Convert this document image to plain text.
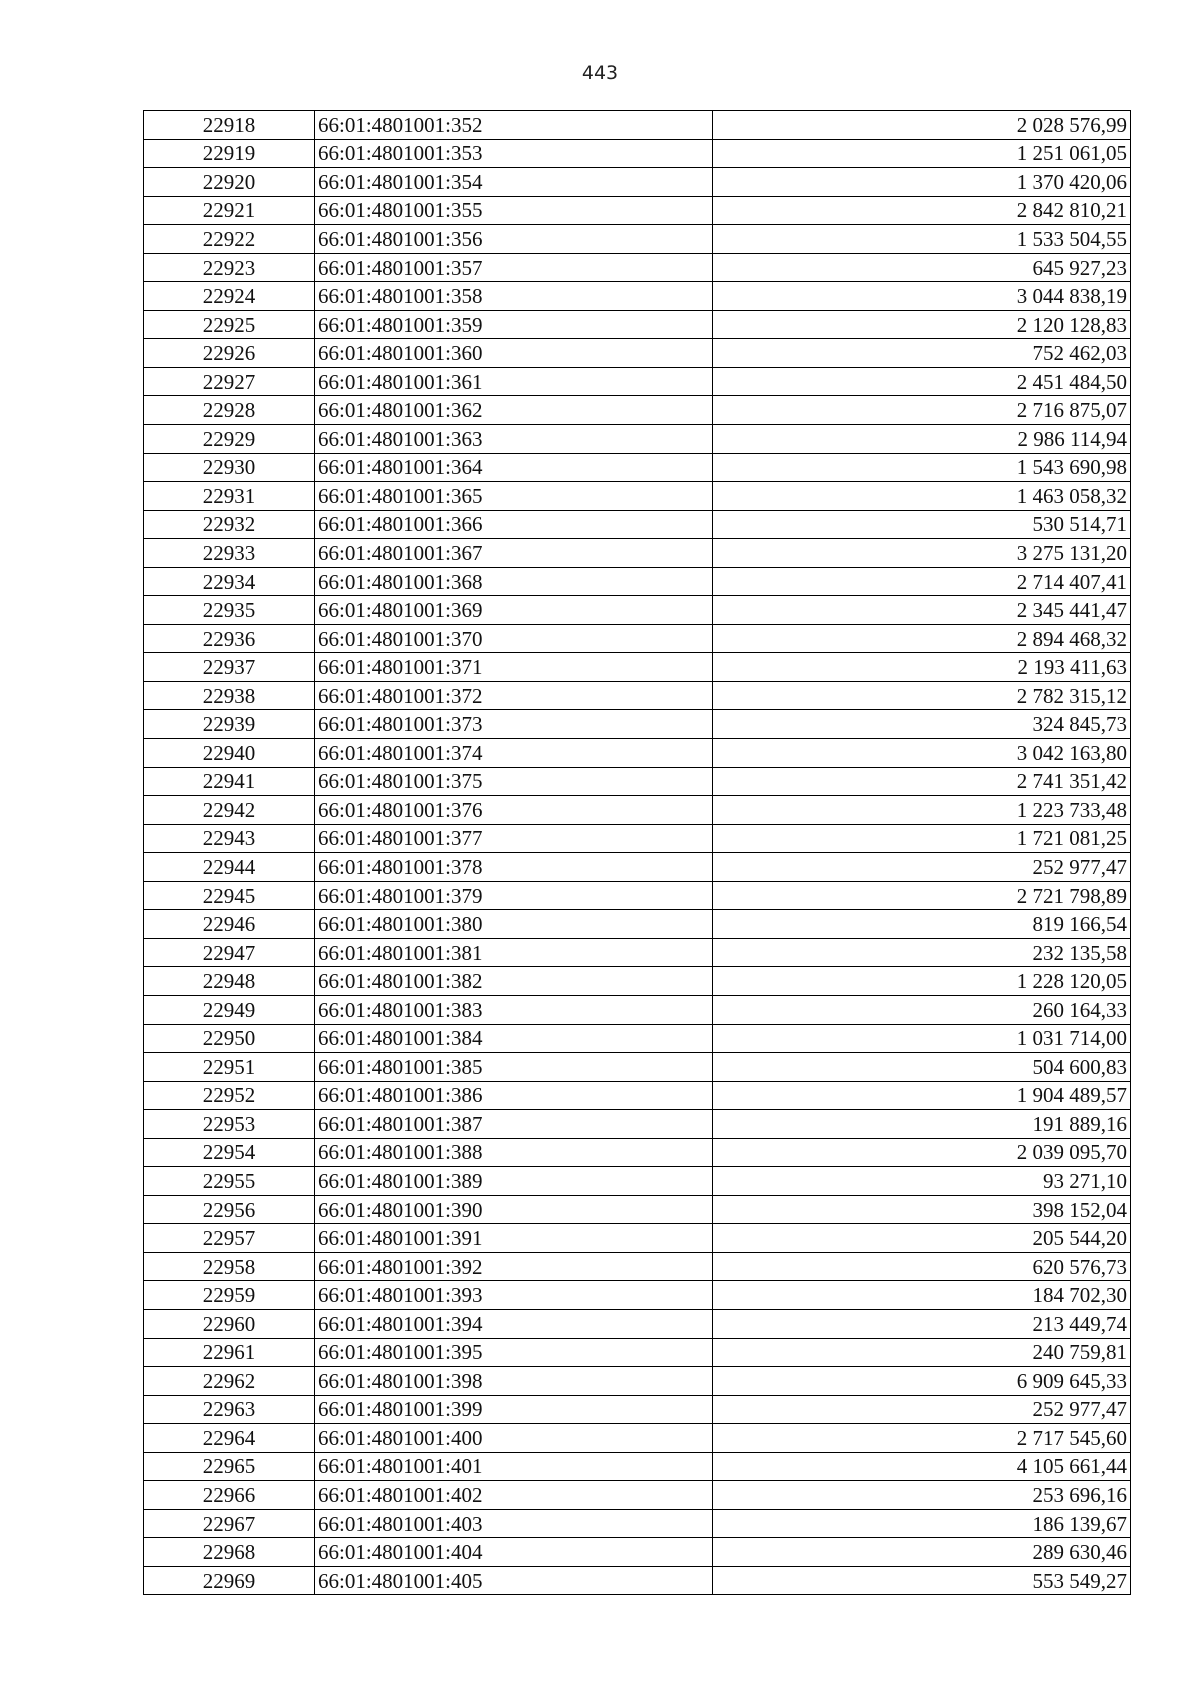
443
22918	66:01:4801001:352	2 028 576,99
22919	66:01:4801001:353	1 251 061,05
22920	66:01:4801001:354	1 370 420,06
22921	66:01:4801001:355	2 842 810,21
22922	66:01:4801001:356	1 533 504,55
22923	66:01:4801001:357	645 927,23
22924	66:01:4801001:358	3 044 838,19
22925	66:01:4801001:359	2 120 128,83
22926	66:01:4801001:360	752 462,03
22927	66:01:4801001:361	2 451 484,50
22928	66:01:4801001:362	2 716 875,07
22929	66:01:4801001:363	2 986 114,94
22930	66:01:4801001:364	1 543 690,98
22931	66:01:4801001:365	1 463 058,32
22932	66:01:4801001:366	530 514,71
22933	66:01:4801001:367	3 275 131,20
22934	66:01:4801001:368	2 714 407,41
22935	66:01:4801001:369	2 345 441,47
22936	66:01:4801001:370	2 894 468,32
22937	66:01:4801001:371	2 193 411,63
22938	66:01:4801001:372	2 782 315,12
22939	66:01:4801001:373	324 845,73
22940	66:01:4801001:374	3 042 163,80
22941	66:01:4801001:375	2 741 351,42
22942	66:01:4801001:376	1 223 733,48
22943	66:01:4801001:377	1 721 081,25
22944	66:01:4801001:378	252 977,47
22945	66:01:4801001:379	2 721 798,89
22946	66:01:4801001:380	819 166,54
22947	66:01:4801001:381	232 135,58
22948	66:01:4801001:382	1 228 120,05
22949	66:01:4801001:383	260 164,33
22950	66:01:4801001:384	1 031 714,00
22951	66:01:4801001:385	504 600,83
22952	66:01:4801001:386	1 904 489,57
22953	66:01:4801001:387	191 889,16
22954	66:01:4801001:388	2 039 095,70
22955	66:01:4801001:389	93 271,10
22956	66:01:4801001:390	398 152,04
22957	66:01:4801001:391	205 544,20
22958	66:01:4801001:392	620 576,73
22959	66:01:4801001:393	184 702,30
22960	66:01:4801001:394	213 449,74
22961	66:01:4801001:395	240 759,81
22962	66:01:4801001:398	6 909 645,33
22963	66:01:4801001:399	252 977,47
22964	66:01:4801001:400	2 717 545,60
22965	66:01:4801001:401	4 105 661,44
22966	66:01:4801001:402	253 696,16
22967	66:01:4801001:403	186 139,67
22968	66:01:4801001:404	289 630,46
22969	66:01:4801001:405	553 549,27
